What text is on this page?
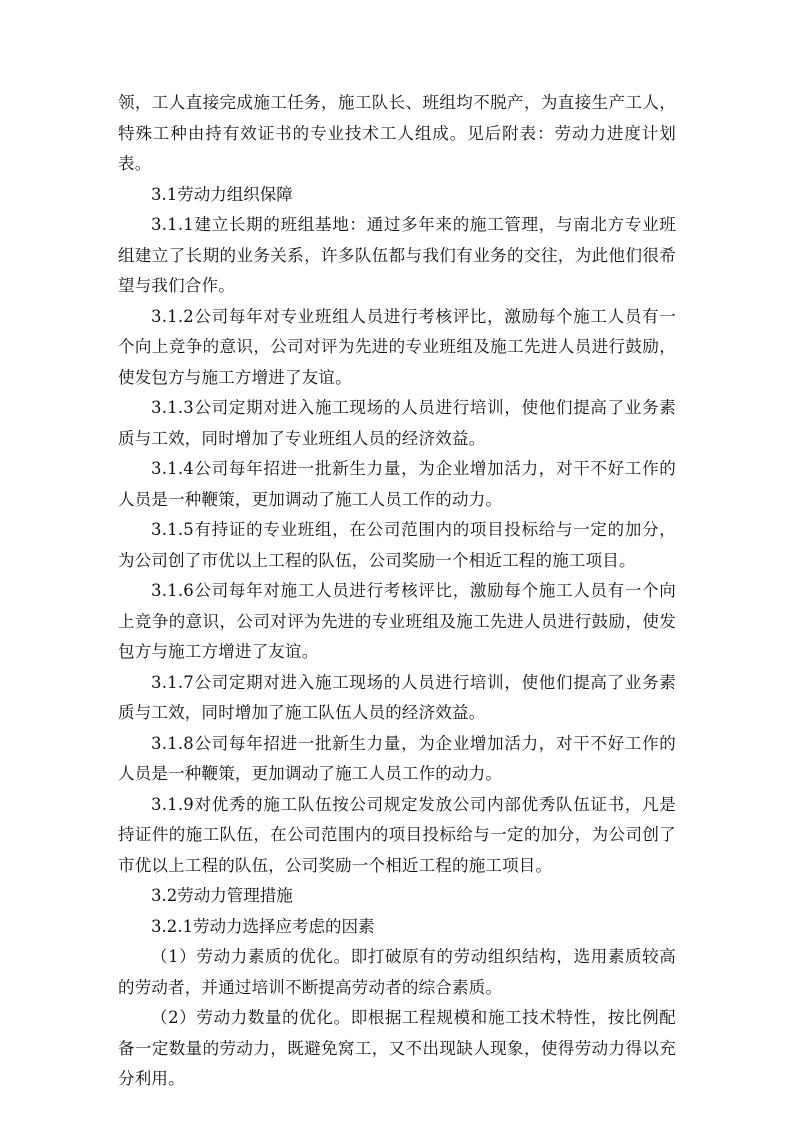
领，工人直接完成施工任务，施工队长、班组均不脱产，为直接生产工人，特殊工种由持有效证书的专业技术工人组成。见后附表：劳动力进度计划表。

3.1劳动力组织保障

3.1.1建立长期的班组基地：通过多年来的施工管理，与南北方专业班组建立了长期的业务关系，许多队伍都与我们有业务的交往，为此他们很希望与我们合作。

3.1.2公司每年对专业班组人员进行考核评比，激励每个施工人员有一个向上竞争的意识，公司对评为先进的专业班组及施工先进人员进行鼓励，使发包方与施工方增进了友谊。

3.1.3公司定期对进入施工现场的人员进行培训，使他们提高了业务素质与工效，同时增加了专业班组人员的经济效益。

3.1.4公司每年招进一批新生力量，为企业增加活力，对干不好工作的人员是一种鞭策，更加调动了施工人员工作的动力。

3.1.5有持证的专业班组，在公司范围内的项目投标给与一定的加分，为公司创了市优以上工程的队伍，公司奖励一个相近工程的施工项目。

3.1.6公司每年对施工人员进行考核评比，激励每个施工人员有一个向上竞争的意识，公司对评为先进的专业班组及施工先进人员进行鼓励，使发包方与施工方增进了友谊。

3.1.7公司定期对进入施工现场的人员进行培训，使他们提高了业务素质与工效，同时增加了施工队伍人员的经济效益。

3.1.8公司每年招进一批新生力量，为企业增加活力，对干不好工作的人员是一种鞭策，更加调动了施工人员工作的动力。

3.1.9对优秀的施工队伍按公司规定发放公司内部优秀队伍证书，凡是持证件的施工队伍，在公司范围内的项目投标给与一定的加分，为公司创了市优以上工程的队伍，公司奖励一个相近工程的施工项目。

3.2劳动力管理措施

3.2.1劳动力选择应考虑的因素

（1）劳动力素质的优化。即打破原有的劳动组织结构，选用素质较高的劳动者，并通过培训不断提高劳动者的综合素质。

（2）劳动力数量的优化。即根据工程规模和施工技术特性，按比例配备一定数量的劳动力，既避免窝工，又不出现缺人现象，使得劳动力得以充分利用。
